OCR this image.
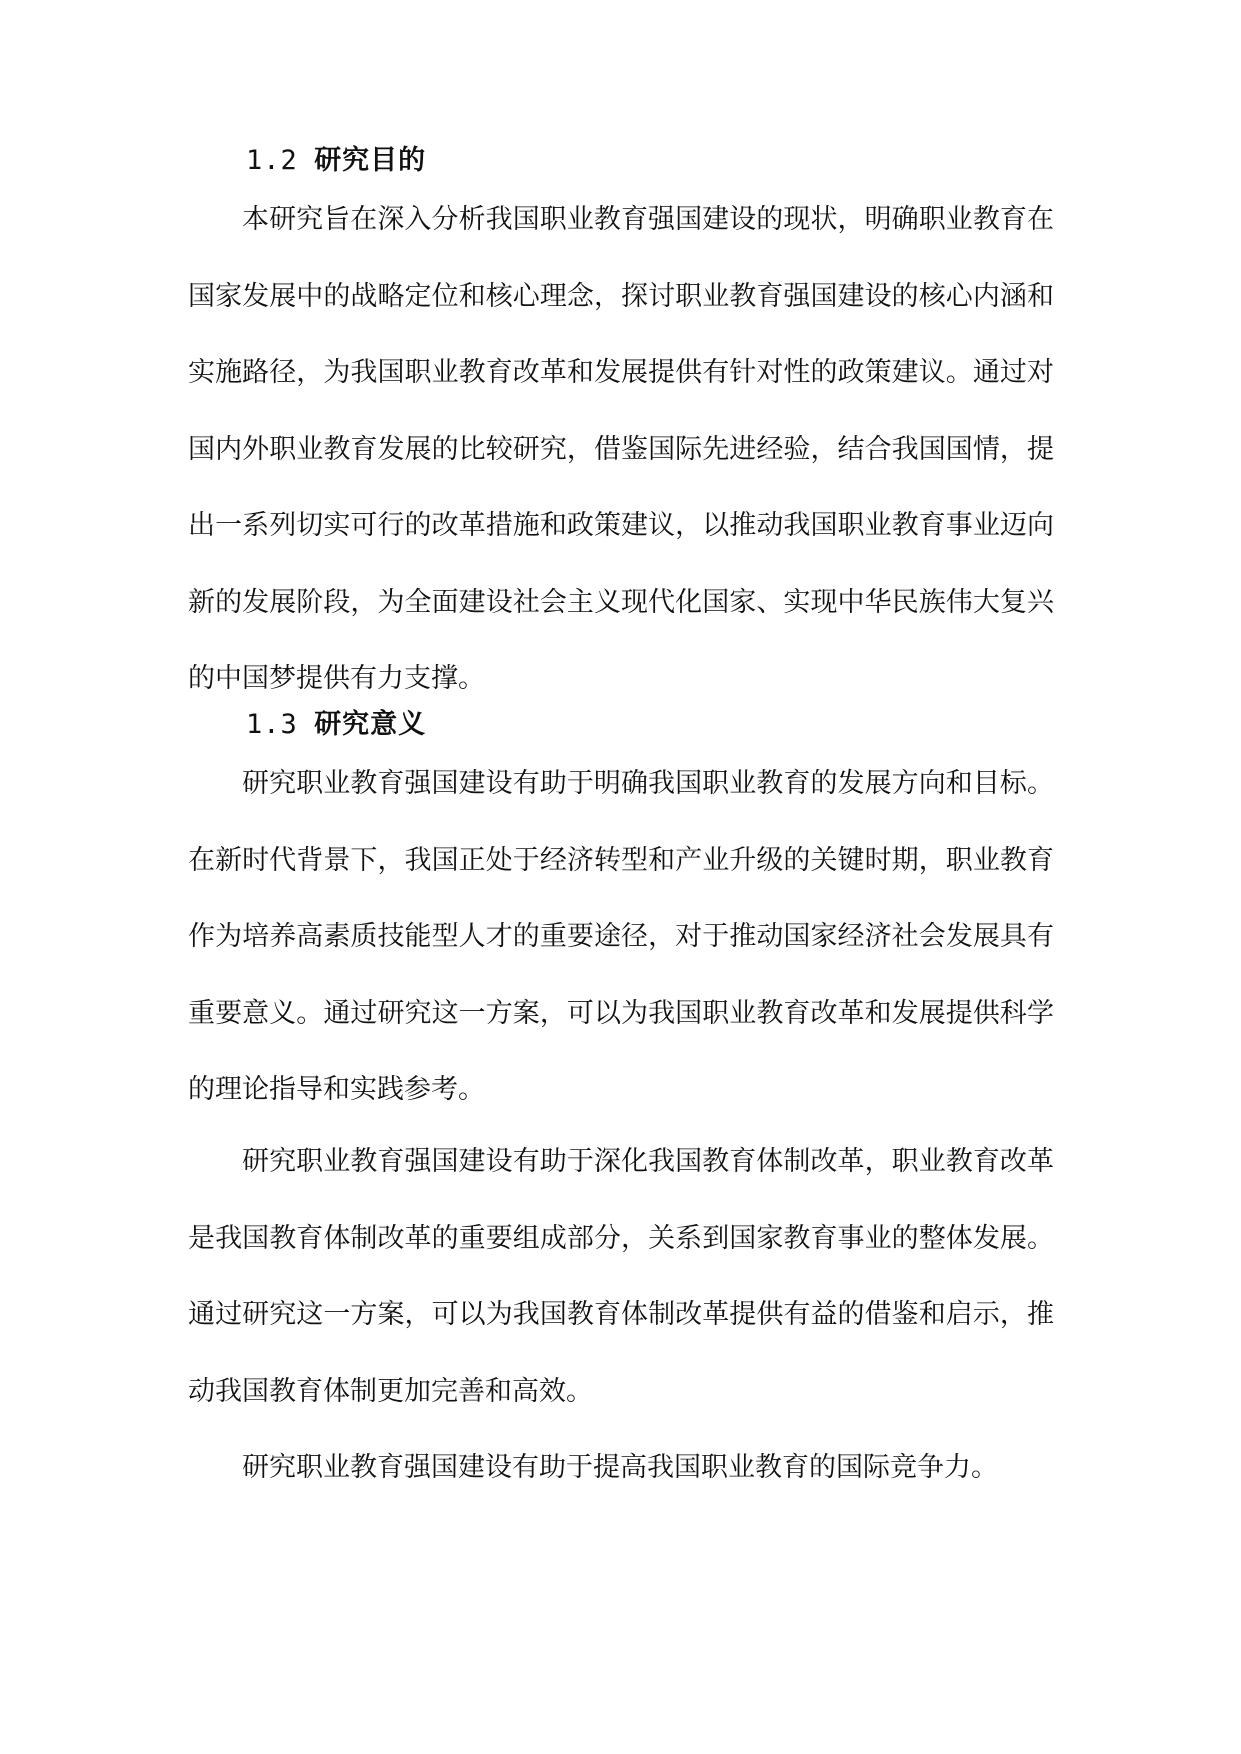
1.2 研究目的

本研究旨在深入分析我国职业教育强国建设的现状，明确职业教育在国家发展中的战略定位和核心理念，探讨职业教育强国建设的核心内涵和实施路径，为我国职业教育改革和发展提供有针对性的政策建议。通过对国内外职业教育发展的比较研究，借鉴国际先进经验，结合我国国情，提出一系列切实可行的改革措施和政策建议，以推动我国职业教育事业迈向新的发展阶段，为全面建设社会主义现代化国家、实现中华民族伟大复兴的中国梦提供有力支撑。

1.3 研究意义

研究职业教育强国建设有助于明确我国职业教育的发展方向和目标。在新时代背景下，我国正处于经济转型和产业升级的关键时期，职业教育作为培养高素质技能型人才的重要途径，对于推动国家经济社会发展具有重要意义。通过研究这一方案，可以为我国职业教育改革和发展提供科学的理论指导和实践参考。

研究职业教育强国建设有助于深化我国教育体制改革，职业教育改革是我国教育体制改革的重要组成部分，关系到国家教育事业的整体发展。通过研究这一方案，可以为我国教育体制改革提供有益的借鉴和启示，推动我国教育体制更加完善和高效。

研究职业教育强国建设有助于提高我国职业教育的国际竞争力。
